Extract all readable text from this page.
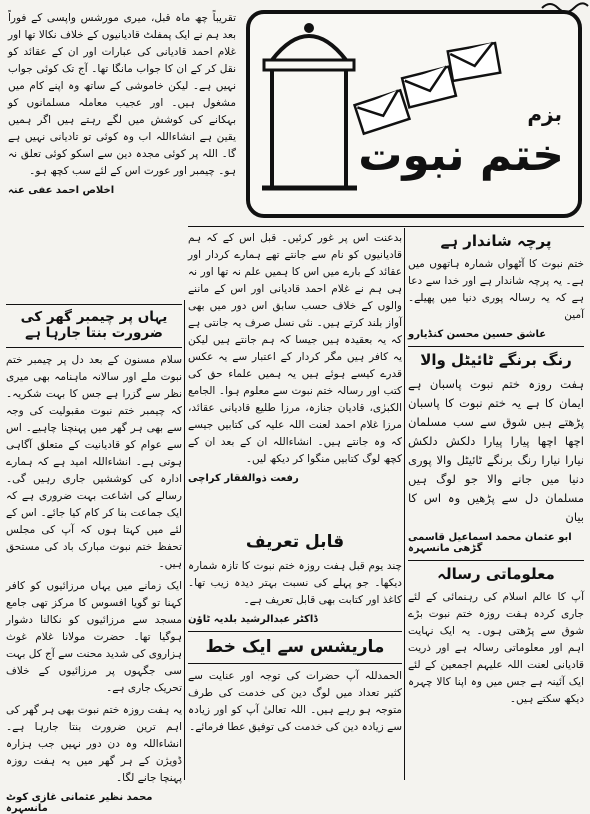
بزم
ختم نبوت

تقریباً چھ ماہ قبل، میری مورشس واپسی کے فوراً بعد ہم نے ایک پمفلٹ قادیانیوں کے خلاف نکالا تھا اور غلام احمد قادیانی کی عبارات اور ان کے عقائد کو نقل کر کے ان کا جواب مانگا تھا۔ آج تک کوئی جواب نہیں ہے۔ لیکن خاموشی کے ساتھ وہ اپنے کام میں مشغول ہیں۔ اور عجیب معاملہ مسلمانوں کو بہکانے کی کوشش میں لگے رہتے ہیں اگر ہمیں یقین ہے انشاءاللہ اب وہ کوئی تو تادیانی نہیں ہے گا۔ اللہ پر کوئی مجدہ دین سے اسکو کوئی تعلق نہ ہو۔ چیمبر اور عورت اس کے لئے سب کچھ ہو۔

اخلاص احمد عفی عنہ

بدعنت اس پر غور کرئیں۔ قبل اس کے کہ ہم قادیانیوں کو نام سے جانتے تھے ہمارے کردار اور عقائد کے بارے میں اس کا ہمیں علم نہ تھا اور نہ ہی ہم نے غلام احمد قادیانی اور اس کے ماننے والوں کے خلاف حسب سابق اس دور میں بھی آواز بلند کرتے ہیں۔ نئی نسل صرف یہ جانتی ہے کہ یہ بعقیدہ ہیں جیسا کہ ہم جانتے ہیں لیکن یہ کافر ہیں مگر کردار کے اعتبار سے یہ عکس قدرے کیسے ہوئے ہیں یہ ہمیں علماء حق کی کتب اور رسالہ ختم نبوت سے معلوم ہوا۔ الجامع الکبرٰی، قادیان جنازہ، مرزا طلیع قادیانی عقائد، مرزا غلام احمد لعنت اللہ علیہ کی کتابیں جیسے کہ وہ جانتے ہیں۔ انشاءاللہ ان کے بعد ان کے کچھ لوگ کتابیں منگوا کر دیکھ لیں۔

رفعت ذوالفقار کراچی
یہاں پر چیمبر گھر کی ضرورت بنتا جارہا ہے

سلام مسنون کے بعد دل پر چیمبر ختم نبوت ملے اور سالانہ ماہنامہ بھی میری نظر سے گزرا ہے جس کا بہت شکریہ۔ کہ چیمبر ختم نبوت مقبولیت کی وجہ سے بھی ہر گھر میں پہنچنا چاہیے۔ اس سے عوام کو قادیانیت کے متعلق آگاہی ہوتی ہے۔ انشاءاللہ امید ہے کہ ہمارے ادارہ کی کوششیں جاری رہیں گی۔ رسالے کی اشاعت بہت ضروری ہے کہ ایک جماعت بنا کر کام کیا جائے۔ اس کے لئے میں کہتا ہوں کہ آپ کی مجلس تحفظ ختم نبوت مبارک باد کی مستحق ہیں۔

ایک زمانے میں یہاں مرزائیوں کو کافر کہنا تو گویا افسوس کا مرکز تھی جامع مسجد سے مرزائیوں کو نکالنا دشوار ہوگیا تھا۔ حضرت مولانا غلام غوث ہزاروی کی شدید محنت سے آج کل بہت سی جگہوں پر مرزائیوں کے خلاف تحریک جاری ہے۔

یہ ہفت روزہ ختم نبوت بھی ہر گھر کی اہم ترین ضرورت بنتا جارہا ہے۔ انشاءاللہ وہ دن دور نہیں جب ہزارہ ڈویژن کے ہر گھر میں یہ ہفت روزہ پہنچا جانے لگا۔

محمد نظیر عثمانی غازی کوٹ مانسہرہ
قابل تعریف

چند یوم قبل ہفت روزہ ختم نبوت کا تازہ شمارہ دیکھا۔ جو پہلے کی نسبت بہتر دیدہ زیب تھا۔ کاغذ اور کتابت بھی قابل تعریف ہے۔

ڈاکٹر عبدالرشید بلدیہ ٹاؤن
ماریشس سے ایک خط

الحمدللہ آپ حضرات کی توجہ اور عنایت سے کثیر تعداد میں لوگ دین کی خدمت کی طرف متوجہ ہو رہے ہیں۔ اللہ تعالیٰ آپ کو اور زیادہ سے زیادہ دین کی خدمت کی توفیق عطا فرمائے۔

پرچہ شاندار ہے

ختم نبوت کا آٹھواں شمارہ ہاتھوں میں ہے۔ یہ پرچہ شاندار ہے اور خدا سے دعا ہے کہ یہ رسالہ پوری دنیا میں پھیلے۔ آمین

عاشق حسین محسن کنڈیارو
رنگ برنگے ٹائیٹل والا

ہفت روزہ ختم نبوت پاسبان ہے ایمان کا ہے یہ ختم نبوت کا پاسبان پڑھتے ہیں شوق سے سب مسلمان اچھا اچھا پیارا پیارا دلکش دلکش نیارا نیارا رنگ برنگے ٹائیٹل والا پوری دنیا میں جانے والا جو لوگ ہیں مسلمان دل سے پڑھیں وہ اس کا بیان

ابو عثمان محمد اسماعیل قاسمی گڑھی مانسہرہ
معلوماتی رسالہ

آپ کا عالم اسلام کی رہنمائی کے لئے جاری کردہ ہفت روزہ ختم نبوت بڑے شوق سے پڑھتی ہوں۔ یہ ایک نہایت اہم اور معلوماتی رسالہ ہے اور ذریت قادیانی لعنت اللہ علیہم اجمعین کے لئے ایک آئینہ ہے جس میں وہ اپنا کالا چہرہ دیکھ سکتے ہیں۔
